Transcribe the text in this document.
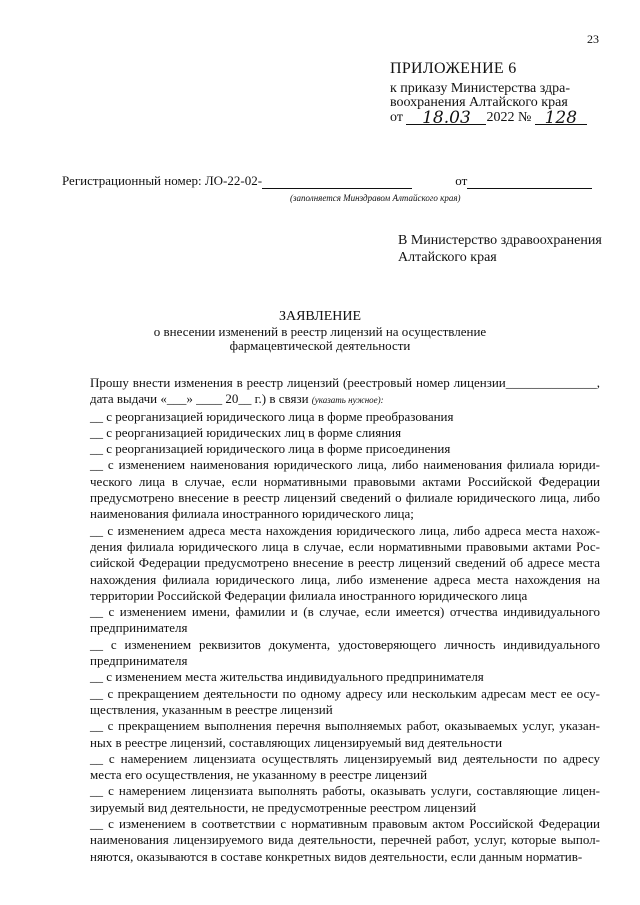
23
ПРИЛОЖЕНИЕ 6
к приказу Министерства здра-
воохранения Алтайского края
от 18.03 2022 № 128
Регистрационный номер: ЛО-22-02-	от
(заполняется Минздравом Алтайского края)
В Министерство здравоохранения
Алтайского края
ЗАЯВЛЕНИЕ
о внесении изменений в реестр лицензий на осуществление
фармацевтической деятельности

Прошу внести изменения в реестр лицензий (реестровый номер лицензии______________,

дата выдачи «___» ____ 20__ г.) в связи (указать нужное):

__ с реорганизацией юридического лица в форме преобразования

__ с реорганизацией юридических лиц в форме слияния

__ с реорганизацией юридического лица в форме присоединения

__ с изменением наименования юридического лица, либо наименования филиала юриди-ческого лица в случае, если нормативными правовыми актами Российской Федерации предусмотрено внесение в реестр лицензий сведений о филиале юридического лица, либо наименования филиала иностранного юридического лица;

__ с изменением адреса места нахождения юридического лица, либо адреса места нахож-дения филиала юридического лица в случае, если нормативными правовыми актами Рос-сийской Федерации предусмотрено внесение в реестр лицензий сведений об адресе места нахождения филиала юридического лица, либо изменение адреса места нахождения на территории Российской Федерации филиала иностранного юридического лица

__ с изменением имени, фамилии и (в случае, если имеется) отчества индивидуального предпринимателя

__ с изменением реквизитов документа, удостоверяющего личность индивидуального предпринимателя

__ с изменением места жительства индивидуального предпринимателя

__ с прекращением деятельности по одному адресу или нескольким адресам мест ее осу-ществления, указанным в реестре лицензий

__ с прекращением выполнения перечня выполняемых работ, оказываемых услуг, указан-ных в реестре лицензий, составляющих лицензируемый вид деятельности

__ с намерением лицензиата осуществлять лицензируемый вид деятельности по адресу места его осуществления, не указанному в реестре лицензий

__ с намерением лицензиата выполнять работы, оказывать услуги, составляющие лицен-зируемый вид деятельности, не предусмотренные реестром лицензий

__ с изменением в соответствии с нормативным правовым актом Российской Федерации наименования лицензируемого вида деятельности, перечней работ, услуг, которые выпол-няются, оказываются в составе конкретных видов деятельности, если данным норматив-
